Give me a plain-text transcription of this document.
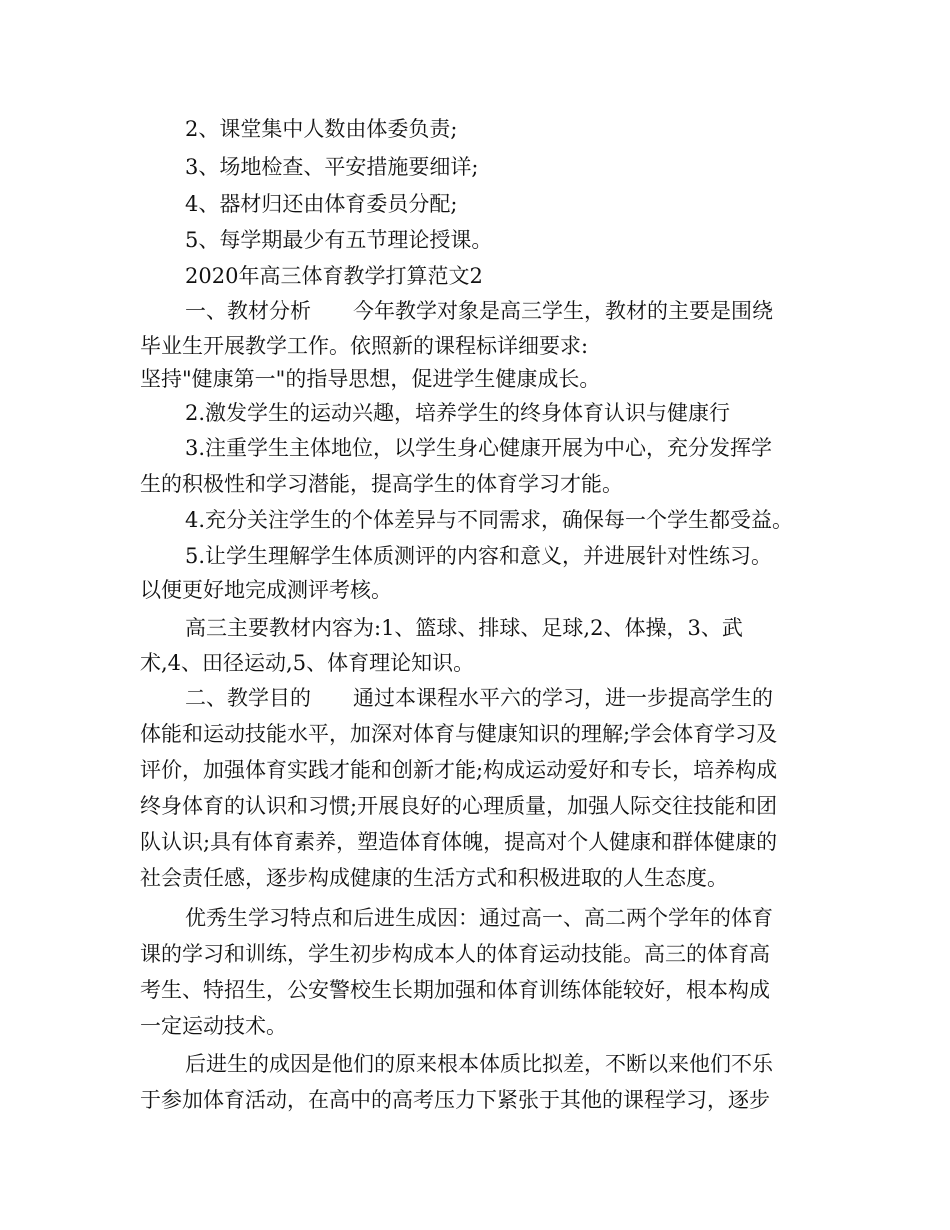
2、课堂集中人数由体委负责;
3、场地检查、平安措施要细详;
4、器材归还由体育委员分配;
5、每学期最少有五节理论授课。
2020年高三体育教学打算范文2
一、教材分析　　今年教学对象是高三学生，教材的主要是围绕
毕业生开展教学工作。依照新的课程标详细要求:
坚持"健康第一"的指导思想，促进学生健康成长。
2.激发学生的运动兴趣，培养学生的终身体育认识与健康行
3.注重学生主体地位，以学生身心健康开展为中心，充分发挥学
生的积极性和学习潜能，提高学生的体育学习才能。
4.充分关注学生的个体差异与不同需求，确保每一个学生都受益。
5.让学生理解学生体质测评的内容和意义，并进展针对性练习。
以便更好地完成测评考核。
高三主要教材内容为:1、篮球、排球、足球,2、体操，3、武
术,4、田径运动,5、体育理论知识。
二、教学目的　　通过本课程水平六的学习，进一步提高学生的
体能和运动技能水平，加深对体育与健康知识的理解;学会体育学习及
评价，加强体育实践才能和创新才能;构成运动爱好和专长，培养构成
终身体育的认识和习惯;开展良好的心理质量，加强人际交往技能和团
队认识;具有体育素养，塑造体育体魄，提高对个人健康和群体健康的
社会责任感，逐步构成健康的生活方式和积极进取的人生态度。
优秀生学习特点和后进生成因：通过高一、高二两个学年的体育
课的学习和训练，学生初步构成本人的体育运动技能。高三的体育高
考生、特招生，公安警校生长期加强和体育训练体能较好，根本构成
一定运动技术。
后进生的成因是他们的原来根本体质比拟差，不断以来他们不乐
于参加体育活动，在高中的高考压力下紧张于其他的课程学习，逐步
